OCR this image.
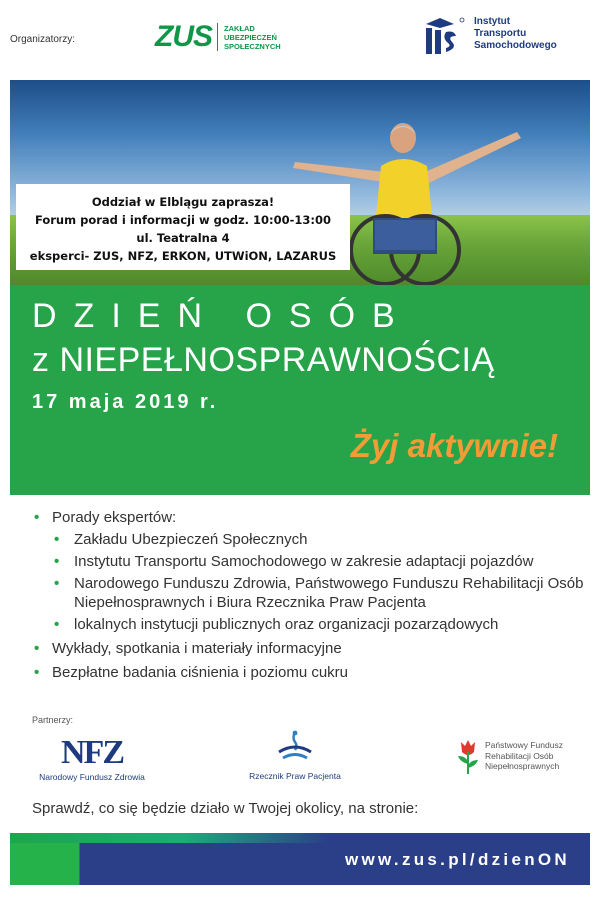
Organizatorzy:	ZUS ZAKŁAD
UBEZPIECZEŃ
SPOŁECZNYCH
Instytut
Transportu
Samochodowego
Oddział w Elblągu zaprasza!
Forum porad i informacji w godz. 10:00-13:00
ul. Teatralna 4
eksperci- ZUS, NFZ, ERKON, UTWiON, LAZARUS
DZIEŃ OSÓB
z NIEPEŁNOSPRAWNOŚCIĄ
17 maja 2019 r.
Żyj aktywnie!
• Porady ekspertów:
• Zakładu Ubezpieczeń Społecznych
• Instytutu Transportu Samochodowego w zakresie adaptacji pojazdów
• Narodowego Funduszu Zdrowia, Państwowego Funduszu Rehabilitacji Osób Niepełnosprawnych i Biura Rzecznika Praw Pacjenta
• lokalnych instytucji publicznych oraz organizacji pozarządowych
• Wykłady, spotkania i materiały informacyjne
• Bezpłatne badania ciśnienia i poziomu cukru
Partnerzy:
NFZ
Narodowy Fundusz Zdrowia	Rzecznik Praw Pacjenta
Państwowy Fundusz
Rehabilitacji Osób
Niepełnosprawnych
Sprawdź, co się będzie działo w Twojej okolicy, na stronie:
www.zus.pl/dzienON
